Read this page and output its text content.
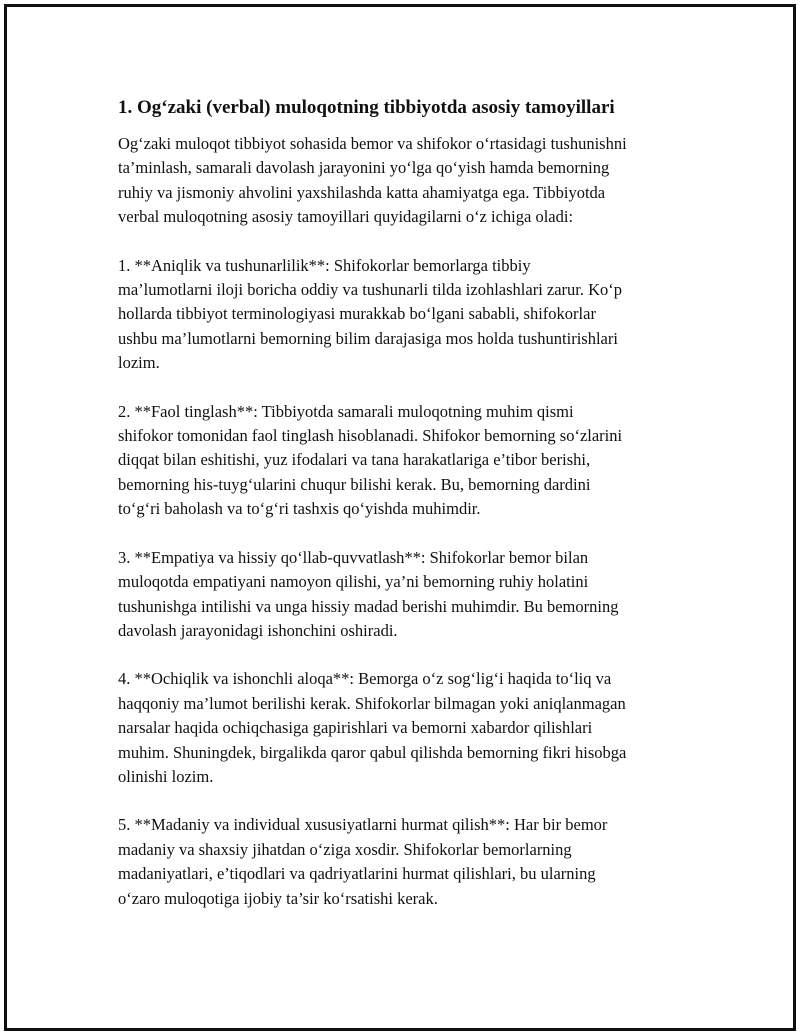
1. Og‘zaki (verbal) muloqotning tibbiyotda asosiy tamoyillari

Og‘zaki muloqot tibbiyot sohasida bemor va shifokor o‘rtasidagi tushunishni
ta’minlash, samarali davolash jarayonini yo‘lga qo‘yish hamda bemorning
ruhiy va jismoniy ahvolini yaxshilashda katta ahamiyatga ega. Tibbiyotda
verbal muloqotning asosiy tamoyillari quyidagilarni o‘z ichiga oladi:

1. **Aniqlik va tushunarlilik**: Shifokorlar bemorlarga tibbiy
ma’lumotlarni iloji boricha oddiy va tushunarli tilda izohlashlari zarur. Ko‘p
hollarda tibbiyot terminologiyasi murakkab bo‘lgani sababli, shifokorlar
ushbu ma’lumotlarni bemorning bilim darajasiga mos holda tushuntirishlari
lozim.

2. **Faol tinglash**: Tibbiyotda samarali muloqotning muhim qismi
shifokor tomonidan faol tinglash hisoblanadi. Shifokor bemorning so‘zlarini
diqqat bilan eshitishi, yuz ifodalari va tana harakatlariga e’tibor berishi,
bemorning his-tuyg‘ularini chuqur bilishi kerak. Bu, bemorning dardini
to‘g‘ri baholash va to‘g‘ri tashxis qo‘yishda muhimdir.

3. **Empatiya va hissiy qo‘llab-quvvatlash**: Shifokorlar bemor bilan
muloqotda empatiyani namoyon qilishi, ya’ni bemorning ruhiy holatini
tushunishga intilishi va unga hissiy madad berishi muhimdir. Bu bemorning
davolash jarayonidagi ishonchini oshiradi.

4. **Ochiqlik va ishonchli aloqa**: Bemorga o‘z sog‘lig‘i haqida to‘liq va
haqqoniy ma’lumot berilishi kerak. Shifokorlar bilmagan yoki aniqlanmagan
narsalar haqida ochiqchasiga gapirishlari va bemorni xabardor qilishlari
muhim. Shuningdek, birgalikda qaror qabul qilishda bemorning fikri hisobga
olinishi lozim.

5. **Madaniy va individual xususiyatlarni hurmat qilish**: Har bir bemor
madaniy va shaxsiy jihatdan o‘ziga xosdir. Shifokorlar bemorlarning
madaniyatlari, e’tiqodlari va qadriyatlarini hurmat qilishlari, bu ularning
o‘zaro muloqotiga ijobiy ta’sir ko‘rsatishi kerak.
